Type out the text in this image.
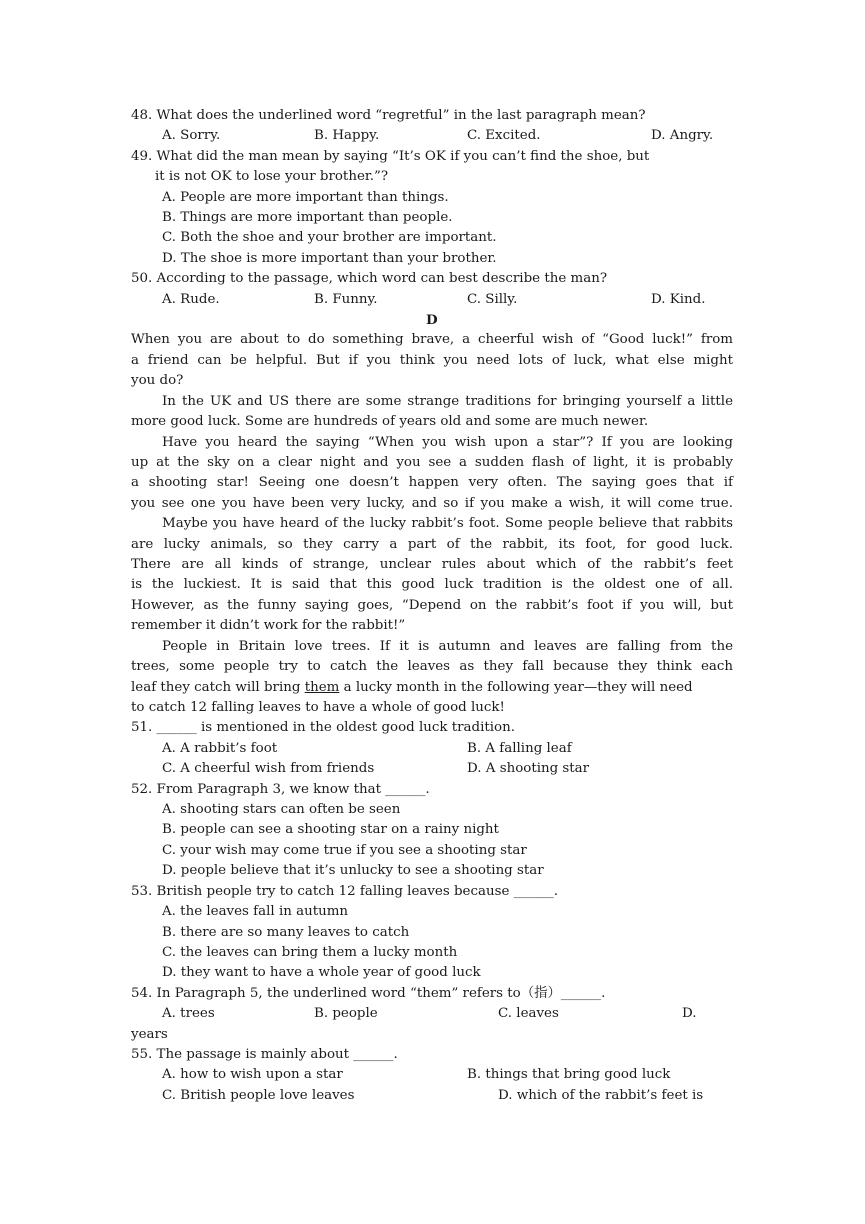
48. What does the underlined word “regretful” in the last paragraph mean?
A. Sorry.	B. Happy.	C. Excited.	D. Angry.
49. What did the man mean by saying “It’s OK if you can’t find the shoe, but
it is not OK to lose your brother.”?
A. People are more important than things.
B. Things are more important than people.
C. Both the shoe and your brother are important.
D. The shoe is more important than your brother.
50. According to the passage, which word can best describe the man?
A. Rude.	B. Funny.	C. Silly.	D. Kind.
D
When you are about to do something brave, a cheerful wish of “Good luck!” from
a friend can be helpful. But if you think you need lots of luck, what else might
you do?
In the UK and US there are some strange traditions for bringing yourself a little
more good luck. Some are hundreds of years old and some are much newer.
Have you heard the saying “When you wish upon a star”? If you are looking
up at the sky on a clear night and you see a sudden flash of light, it is probably
a shooting star! Seeing one doesn’t happen very often. The saying goes that if
you see one you have been very lucky, and so if you make a wish, it will come true.
Maybe you have heard of the lucky rabbit’s foot. Some people believe that rabbits
are lucky animals, so they carry a part of the rabbit, its foot, for good luck.
There are all kinds of strange, unclear rules about which of the rabbit’s feet
is the luckiest. It is said that this good luck tradition is the oldest one of all.
However, as the funny saying goes, “Depend on the rabbit’s foot if you will, but
remember it didn’t work for the rabbit!”
People in Britain love trees. If it is autumn and leaves are falling from the
trees, some people try to catch the leaves as they fall because they think each
leaf they catch will bring them a lucky month in the following year—they will need
to catch 12 falling leaves to have a whole of good luck!
51. ______ is mentioned in the oldest good luck tradition.
A. A rabbit’s foot	B. A falling leaf
C. A cheerful wish from friends	D. A shooting star
52. From Paragraph 3, we know that ______.
A. shooting stars can often be seen
B. people can see a shooting star on a rainy night
C. your wish may come true if you see a shooting star
D. people believe that it’s unlucky to see a shooting star
53. British people try to catch 12 falling leaves because ______.
A. the leaves fall in autumn
B. there are so many leaves to catch
C. the leaves can bring them a lucky month
D. they want to have a whole year of good luck
54. In Paragraph 5, the underlined word “them” refers to（指）______.
A. trees	B. people	C. leaves	D.
years
55. The passage is mainly about ______.
A. how to wish upon a star	B. things that bring good luck
C. British people love leaves	D. which of the rabbit’s feet is
